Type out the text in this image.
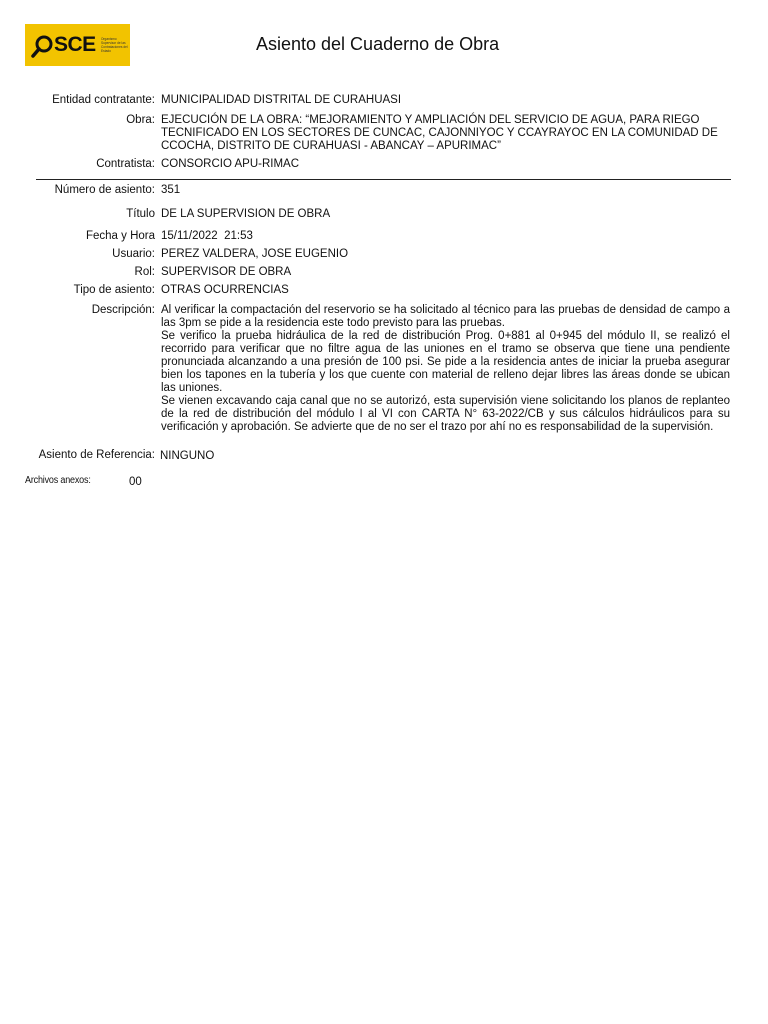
SCE Organismo Supervisor de las Contrataciones del Estado	Asiento del Cuaderno de Obra
Entidad contratante: MUNICIPALIDAD DISTRITAL DE CURAHUASI
Obra: EJECUCIÓN DE LA OBRA: “MEJORAMIENTO Y AMPLIACIÓN DEL SERVICIO DE AGUA, PARA RIEGO TECNIFICADO EN LOS SECTORES DE CUNCAC, CAJONNIYOC Y CCAYRAYOC EN LA COMUNIDAD DE CCOCHA, DISTRITO DE CURAHUASI - ABANCAY – APURIMAC”
Contratista: CONSORCIO APU-RIMAC
Número de asiento: 351
Título DE LA SUPERVISION DE OBRA
Fecha y Hora 15/11/2022  21:53
Usuario: PEREZ VALDERA, JOSE EUGENIO
Rol: SUPERVISOR DE OBRA
Tipo de asiento: OTRAS OCURRENCIAS
Descripción: Al verificar la compactación del reservorio se ha solicitado al técnico para las pruebas de densidad de campo a las 3pm se pide a la residencia este todo previsto para las pruebas.
Se verifico la prueba hidráulica de la red de distribución Prog. 0+881 al 0+945 del módulo II, se realizó el recorrido para verificar que no filtre agua de las uniones en el tramo se observa que tiene una pendiente pronunciada alcanzando a una presión de 100 psi. Se pide a la residencia antes de iniciar la prueba asegurar bien los tapones en la tubería y los que cuente con material de relleno dejar libres las áreas donde se ubican las uniones.
Se vienen excavando caja canal que no se autorizó, esta supervisión viene solicitando los planos de replanteo de la red de distribución del módulo I al VI con CARTA N° 63-2022/CB y sus cálculos hidráulicos para su verificación y aprobación. Se advierte que de no ser el trazo por ahí no es responsabilidad de la supervisión.
Asiento de Referencia: NINGUNO
Archivos anexos:	00
